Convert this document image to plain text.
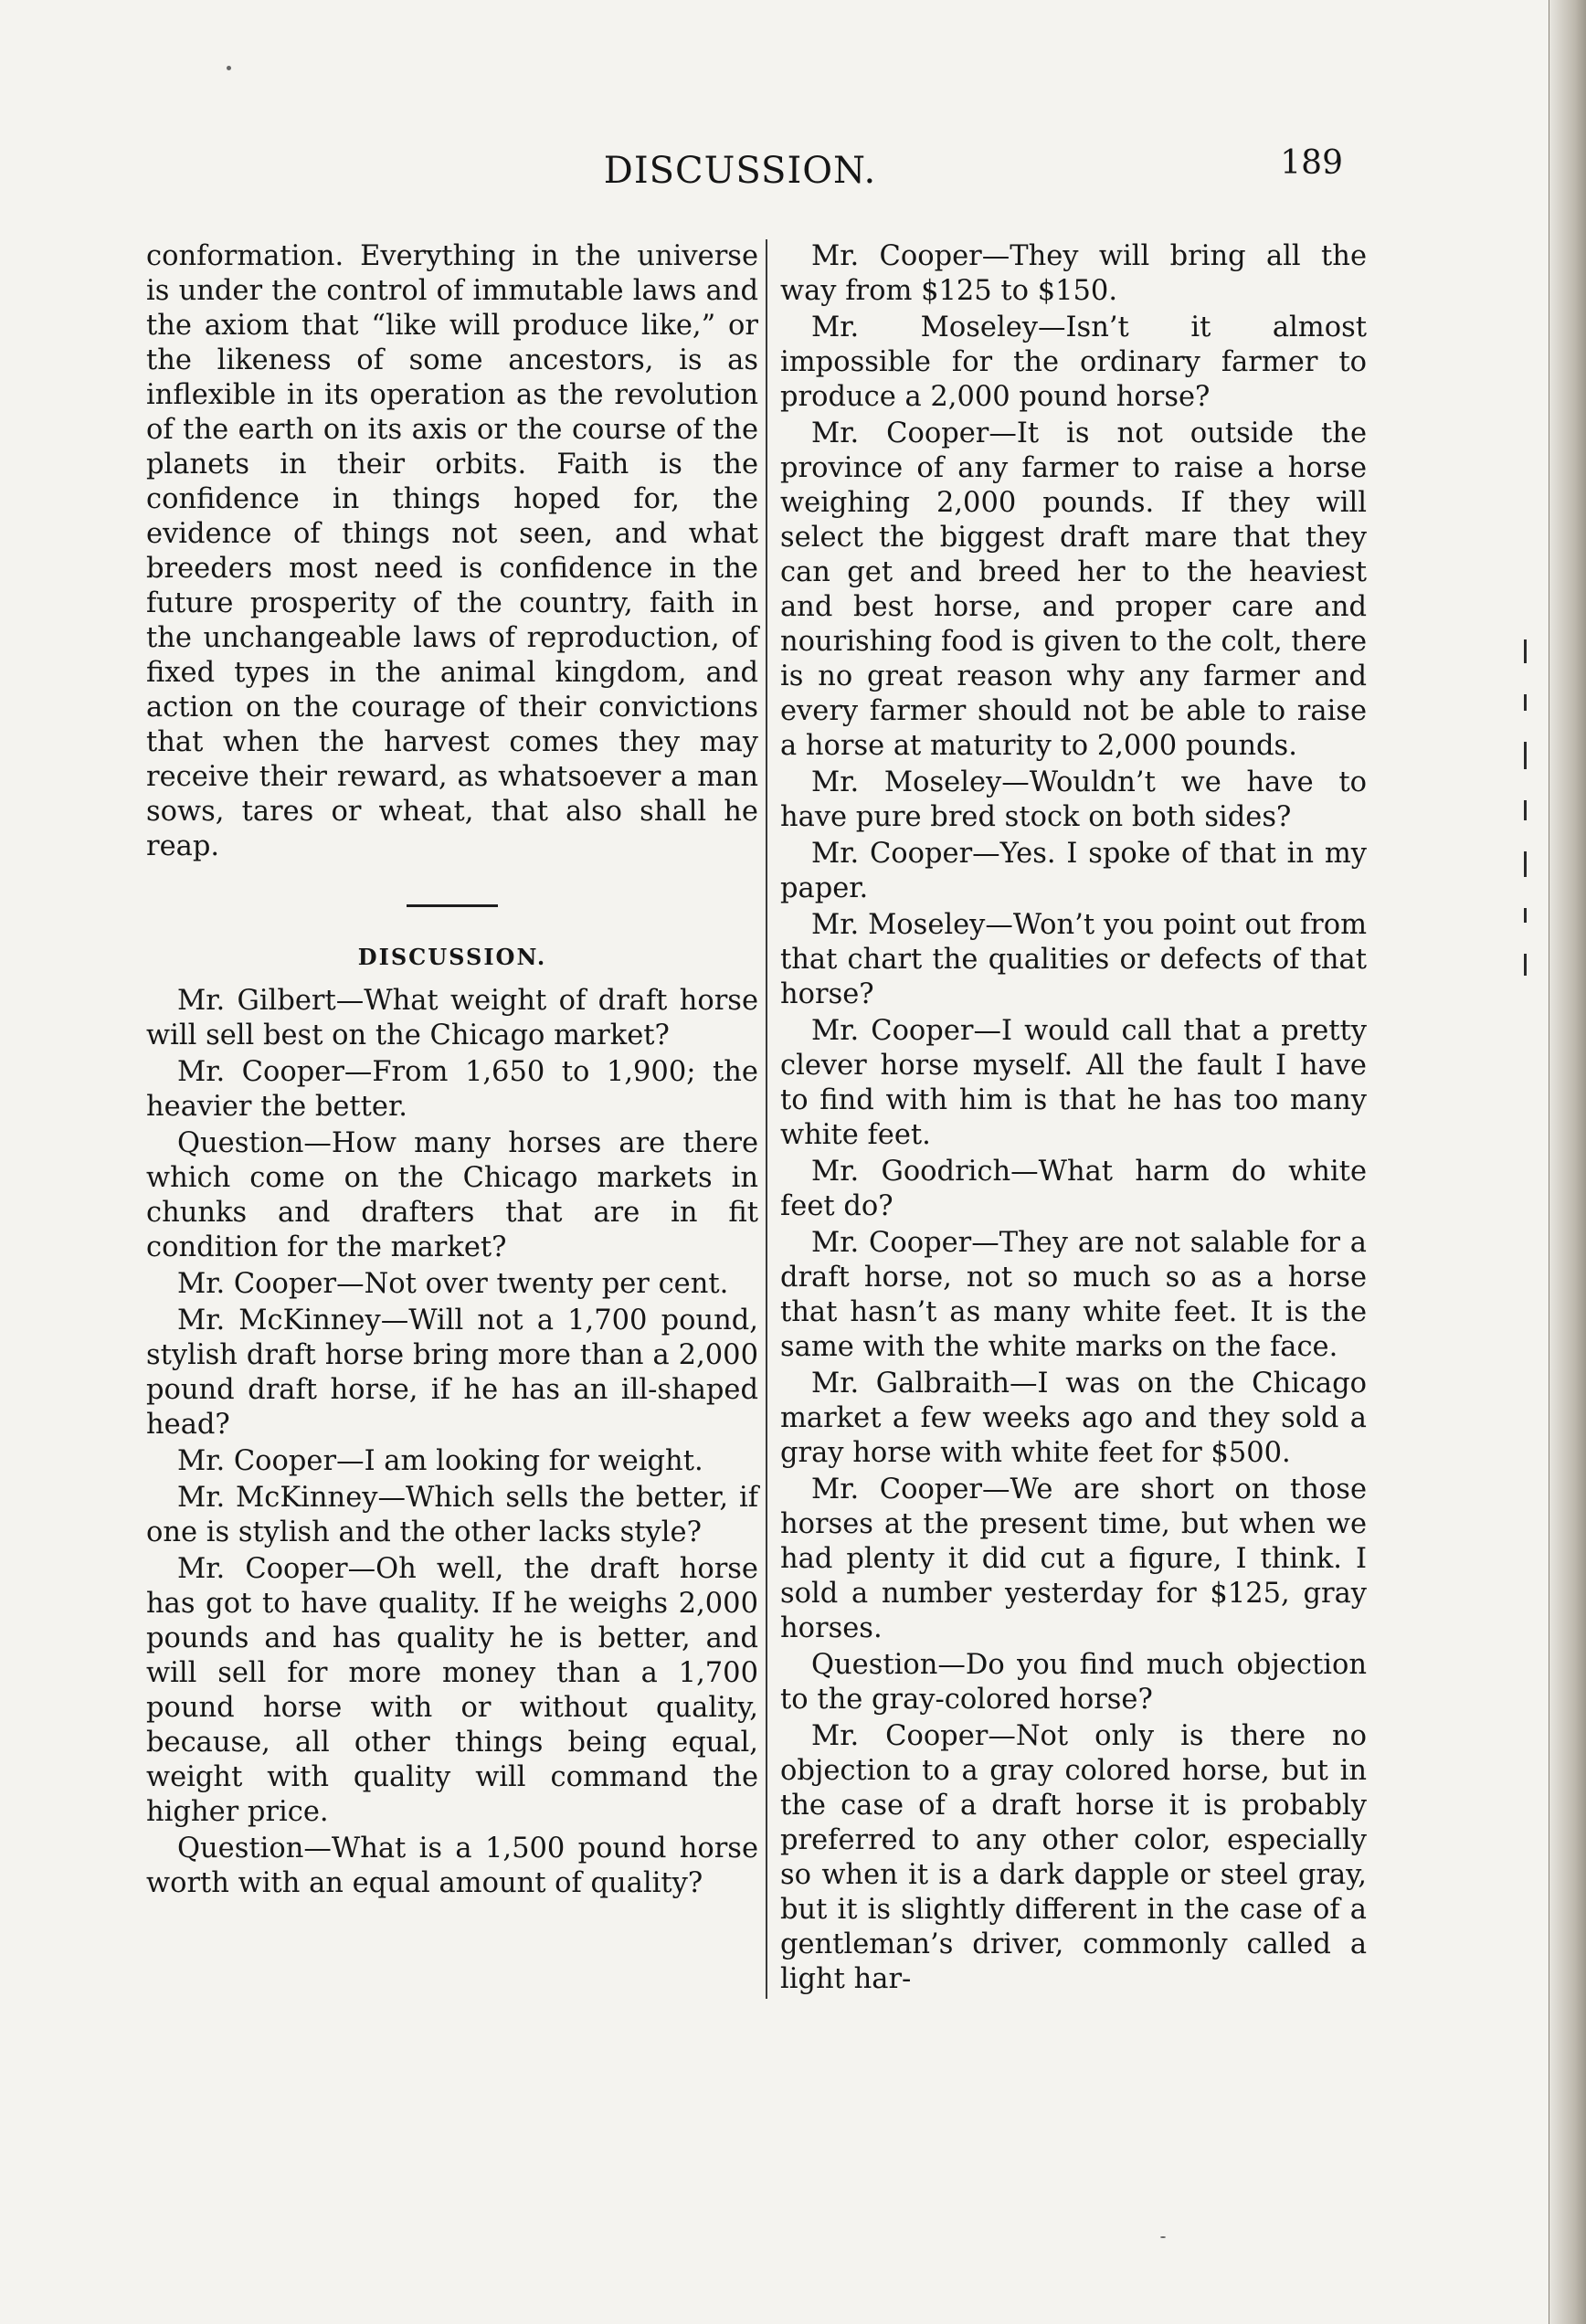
DISCUSSION.	189

conformation. Everything in the universe is under the control of immutable laws and the axiom that “like will produce like,” or the likeness of some ancestors, is as inflexible in its operation as the revolution of the earth on its axis or the course of the planets in their orbits. Faith is the confidence in things hoped for, the evidence of things not seen, and what breeders most need is confidence in the future prosperity of the country, faith in the unchangeable laws of reproduction, of fixed types in the animal kingdom, and action on the courage of their convictions that when the harvest comes they may receive their reward, as whatsoever a man sows, tares or wheat, that also shall he reap.

DISCUSSION.

Mr. Gilbert—What weight of draft horse will sell best on the Chicago market?

Mr. Cooper—From 1,650 to 1,900; the heavier the better.

Question—How many horses are there which come on the Chicago markets in chunks and drafters that are in fit condition for the market?

Mr. Cooper—Not over twenty per cent.

Mr. McKinney—Will not a 1,700 pound, stylish draft horse bring more than a 2,000 pound draft horse, if he has an ill-shaped head?

Mr. Cooper—I am looking for weight.

Mr. McKinney—Which sells the better, if one is stylish and the other lacks style?

Mr. Cooper—Oh well, the draft horse has got to have quality. If he weighs 2,000 pounds and has quality he is better, and will sell for more money than a 1,700 pound horse with or without quality, because, all other things being equal, weight with quality will command the higher price.

Question—What is a 1,500 pound horse worth with an equal amount of quality?

Mr. Cooper—They will bring all the way from $125 to $150.

Mr. Moseley—Isn’t it almost impossible for the ordinary farmer to produce a 2,000 pound horse?

Mr. Cooper—It is not outside the province of any farmer to raise a horse weighing 2,000 pounds. If they will select the biggest draft mare that they can get and breed her to the heaviest and best horse, and proper care and nourishing food is given to the colt, there is no great reason why any farmer and every farmer should not be able to raise a horse at maturity to 2,000 pounds.

Mr. Moseley—Wouldn’t we have to have pure bred stock on both sides?

Mr. Cooper—Yes. I spoke of that in my paper.

Mr. Moseley—Won’t you point out from that chart the qualities or defects of that horse?

Mr. Cooper—I would call that a pretty clever horse myself. All the fault I have to find with him is that he has too many white feet.

Mr. Goodrich—What harm do white feet do?

Mr. Cooper—They are not salable for a draft horse, not so much so as a horse that hasn’t as many white feet. It is the same with the white marks on the face.

Mr. Galbraith—I was on the Chicago market a few weeks ago and they sold a gray horse with white feet for $500.

Mr. Cooper—We are short on those horses at the present time, but when we had plenty it did cut a figure, I think. I sold a number yesterday for $125, gray horses.

Question—Do you find much objection to the gray-colored horse?

Mr. Cooper—Not only is there no objection to a gray colored horse, but in the case of a draft horse it is probably preferred to any other color, especially so when it is a dark dapple or steel gray, but it is slightly different in the case of a gentleman’s driver, commonly called a light har-
